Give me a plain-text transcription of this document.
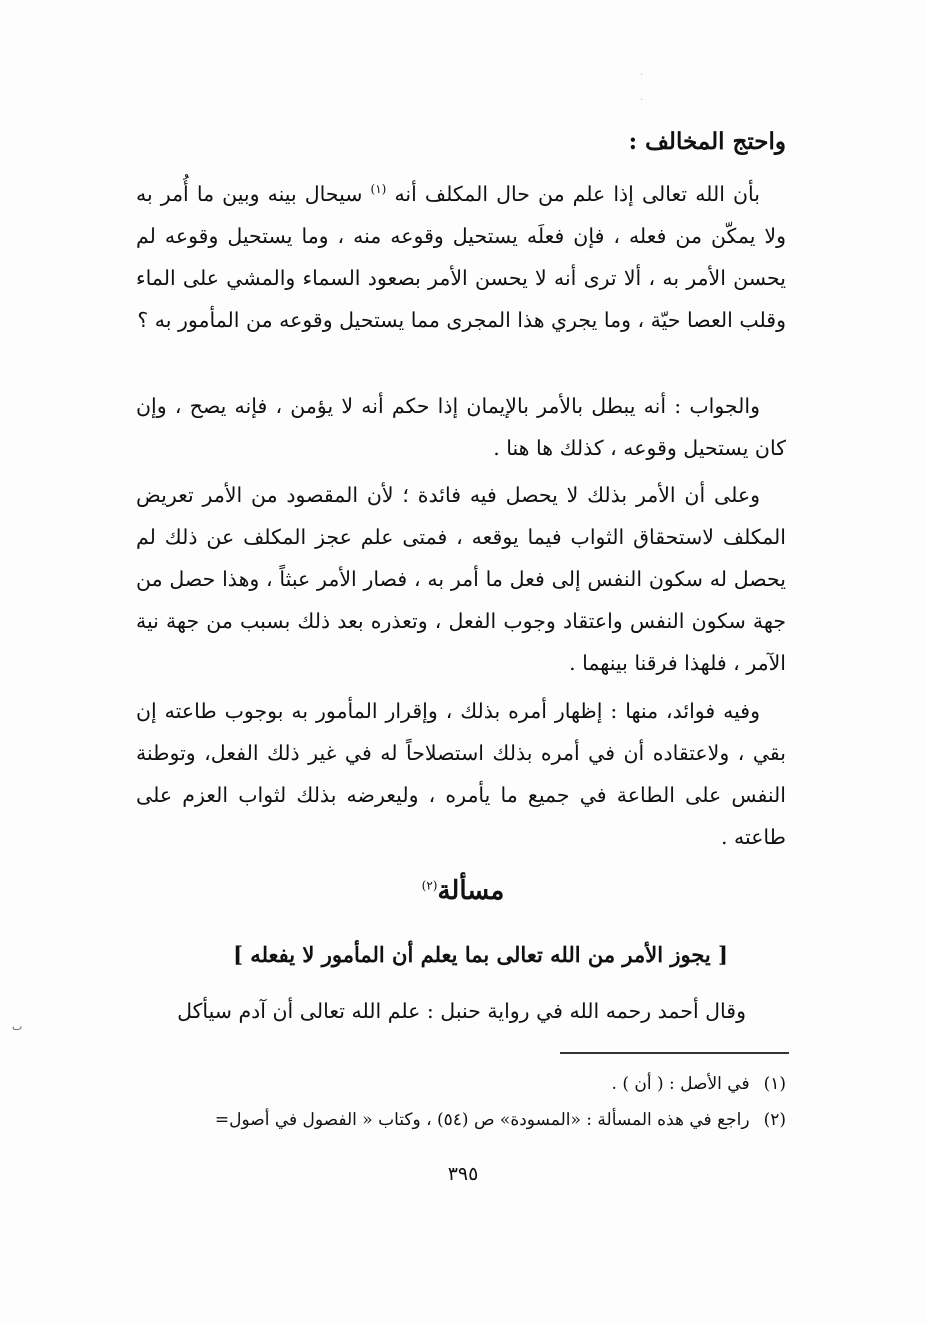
واحتج المخالف :
بأن الله تعالى إذا علم من حال المكلف أنه $^{(١)}$ سيحال بينه وبين ما أُمر به ولا يمكّن من فعله ، فإن فعلَه يستحيل وقوعه منه ، وما يستحيل وقوعه لم يحسن الأمر به ، ألا ترى أنه لا يحسن الأمر بصعود السماء والمشي على الماء وقلب العصا حيّة ، وما يجري هذا المجرى مما يستحيل وقوعه من المأمور به ؟
والجواب : أنه يبطل بالأمر بالإيمان إذا حكم أنه لا يؤمن ، فإنه يصح ، وإن كان يستحيل وقوعه ، كذلك ها هنا .
وعلى أن الأمر بذلك لا يحصل فيه فائدة ؛ لأن المقصود من الأمر تعريض المكلف لاستحقاق الثواب فيما يوقعه ، فمتى علم عجز المكلف عن ذلك لم يحصل له سكون النفس إلى فعل ما أمر به ، فصار الأمر عبثاً ، وهذا حصل من جهة سكون النفس واعتقاد وجوب الفعل ، وتعذره بعد ذلك بسبب من جهة نية الآمر ، فلهذا فرقنا بينهما .
وفيه فوائد، منها : إظهار أمره بذلك ، وإقرار المأمور به بوجوب طاعته إن بقي ، ولاعتقاده أن في أمره بذلك استصلاحاً له في غير ذلك الفعل، وتوطنة النفس على الطاعة في جميع ما يأمره ، وليعرضه بذلك لثواب العزم على طاعته .
مسألة$^{(٢)}$
[ يجوز الأمر من الله تعالى بما يعلم أن المأمور لا يفعله ]
وقال أحمد رحمه الله في رواية حنبل : علم الله تعالى أن آدم سيأكل
(١)في الأصل : ( أن ) .
(٢)راجع في هذه المسألة : «المسودة» ص (٥٤) ، وكتاب « الفصول في أصول=
٣٩٥
·
·
ٮ
